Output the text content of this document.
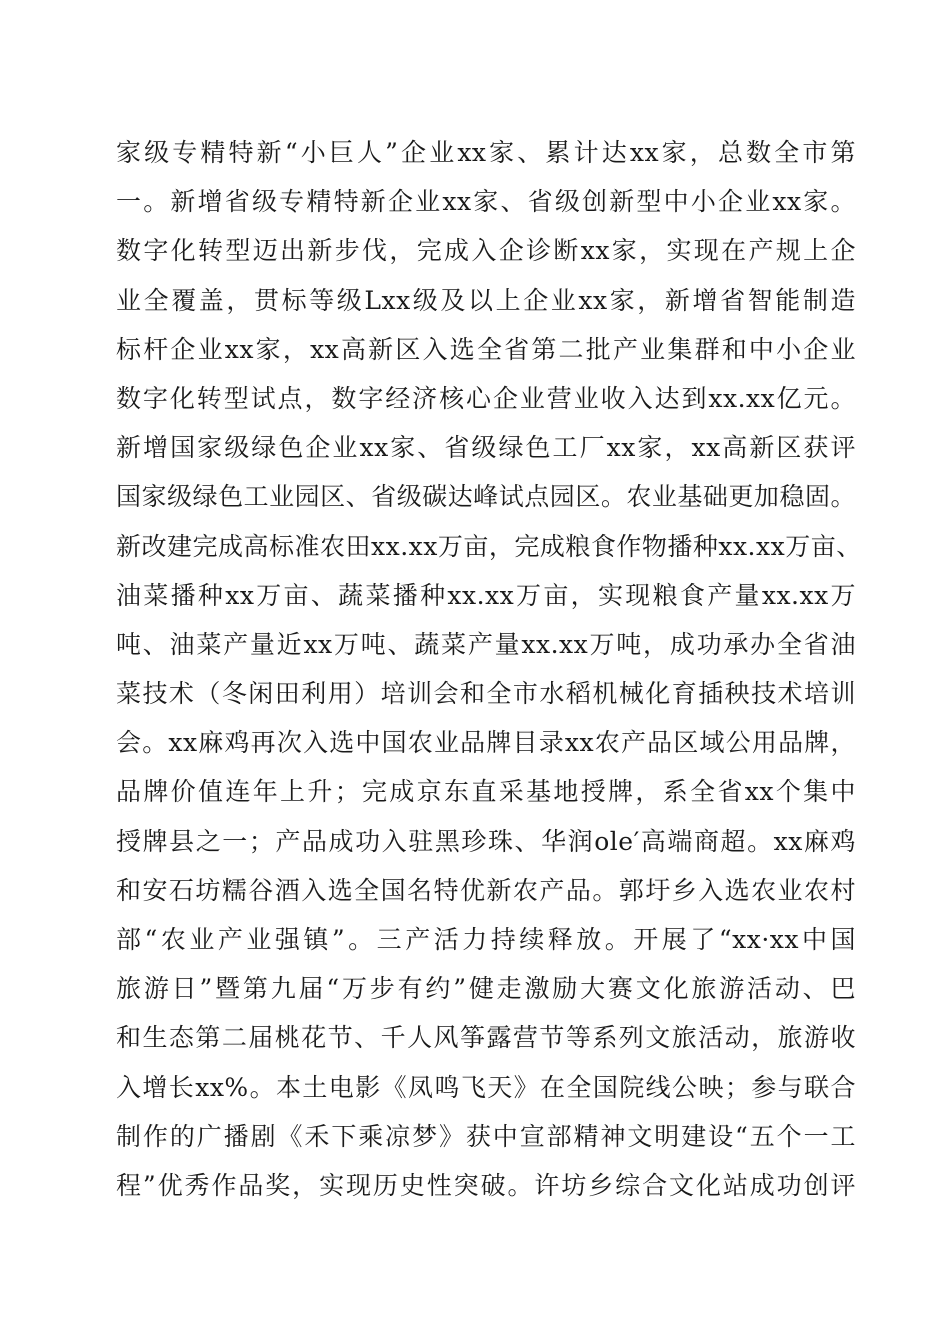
家级专精特新“小巨人”企业xx家、累计达xx家，总数全市第
一。新增省级专精特新企业xx家、省级创新型中小企业xx家。
数字化转型迈出新步伐，完成入企诊断xx家，实现在产规上企
业全覆盖，贯标等级Lxx级及以上企业xx家，新增省智能制造
标杆企业xx家，xx高新区入选全省第二批产业集群和中小企业
数字化转型试点，数字经济核心企业营业收入达到xx.xx亿元。
新增国家级绿色企业xx家、省级绿色工厂xx家，xx高新区获评
国家级绿色工业园区、省级碳达峰试点园区。农业基础更加稳固。
新改建完成高标准农田xx.xx万亩，完成粮食作物播种xx.xx万亩、
油菜播种xx万亩、蔬菜播种xx.xx万亩，实现粮食产量xx.xx万
吨、油菜产量近xx万吨、蔬菜产量xx.xx万吨，成功承办全省油
菜技术（冬闲田利用）培训会和全市水稻机械化育插秧技术培训
会。xx麻鸡再次入选中国农业品牌目录xx农产品区域公用品牌，
品牌价值连年上升；完成京东直采基地授牌，系全省xx个集中
授牌县之一；产品成功入驻黑珍珠、华润ole′高端商超。xx麻鸡
和安石坊糯谷酒入选全国名特优新农产品。郭圩乡入选农业农村
部“农业产业强镇”。三产活力持续释放。开展了“xx·xx中国
旅游日”暨第九届“万步有约”健走激励大赛文化旅游活动、巴
和生态第二届桃花节、千人风筝露营节等系列文旅活动，旅游收
入增长xx%。本土电影《凤鸣飞天》在全国院线公映；参与联合
制作的广播剧《禾下乘凉梦》获中宣部精神文明建设“五个一工
程”优秀作品奖，实现历史性突破。许坊乡综合文化站成功创评
